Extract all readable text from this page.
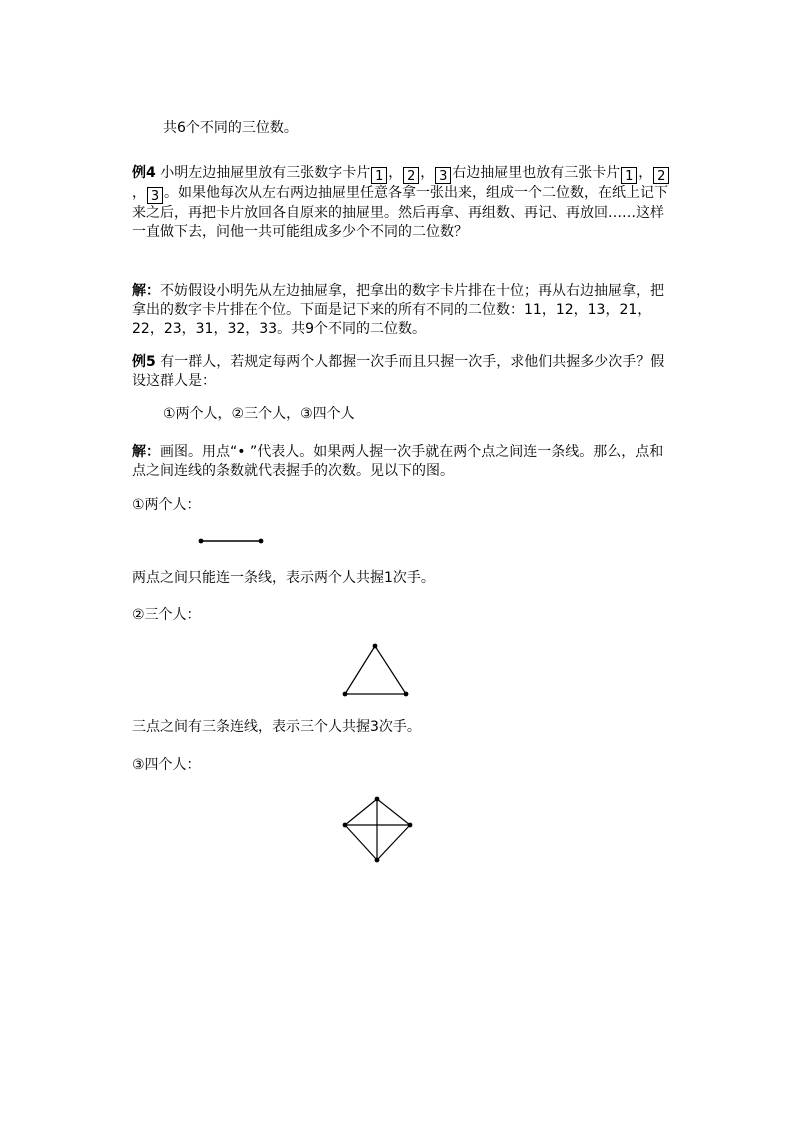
共6个不同的三位数。

例4 小明左边抽屉里放有三张数字卡片 1 ， 2 ， 3 右边抽屉里也放有三张卡片 1 ， 2， 3 。如果他每次从左右两边抽屉里任意各拿一张出来，组成一个二位数，在纸上记下来之后，再把卡片放回各自原来的抽屉里。然后再拿、再组数、再记、再放回……这样一直做下去，问他一共可能组成多少个不同的二位数？

解：不妨假设小明先从左边抽屉拿，把拿出的数字卡片排在十位；再从右边抽屉拿，把拿出的数字卡片排在个位。下面是记下来的所有不同的二位数：11，12，13，21，22，23，31，32，33。共9个不同的二位数。

例5 有一群人，若规定每两个人都握一次手而且只握一次手，求他们共握多少次手？假设这群人是：

①两个人，②三个人，③四个人

解：画图。用点“• ”代表人。如果两人握一次手就在两个点之间连一条线。那么，点和点之间连线的条数就代表握手的次数。见以下的图。

①两个人：

两点之间只能连一条线，表示两个人共握1次手。

②三个人：

三点之间有三条连线，表示三个人共握3次手。

③四个人：
